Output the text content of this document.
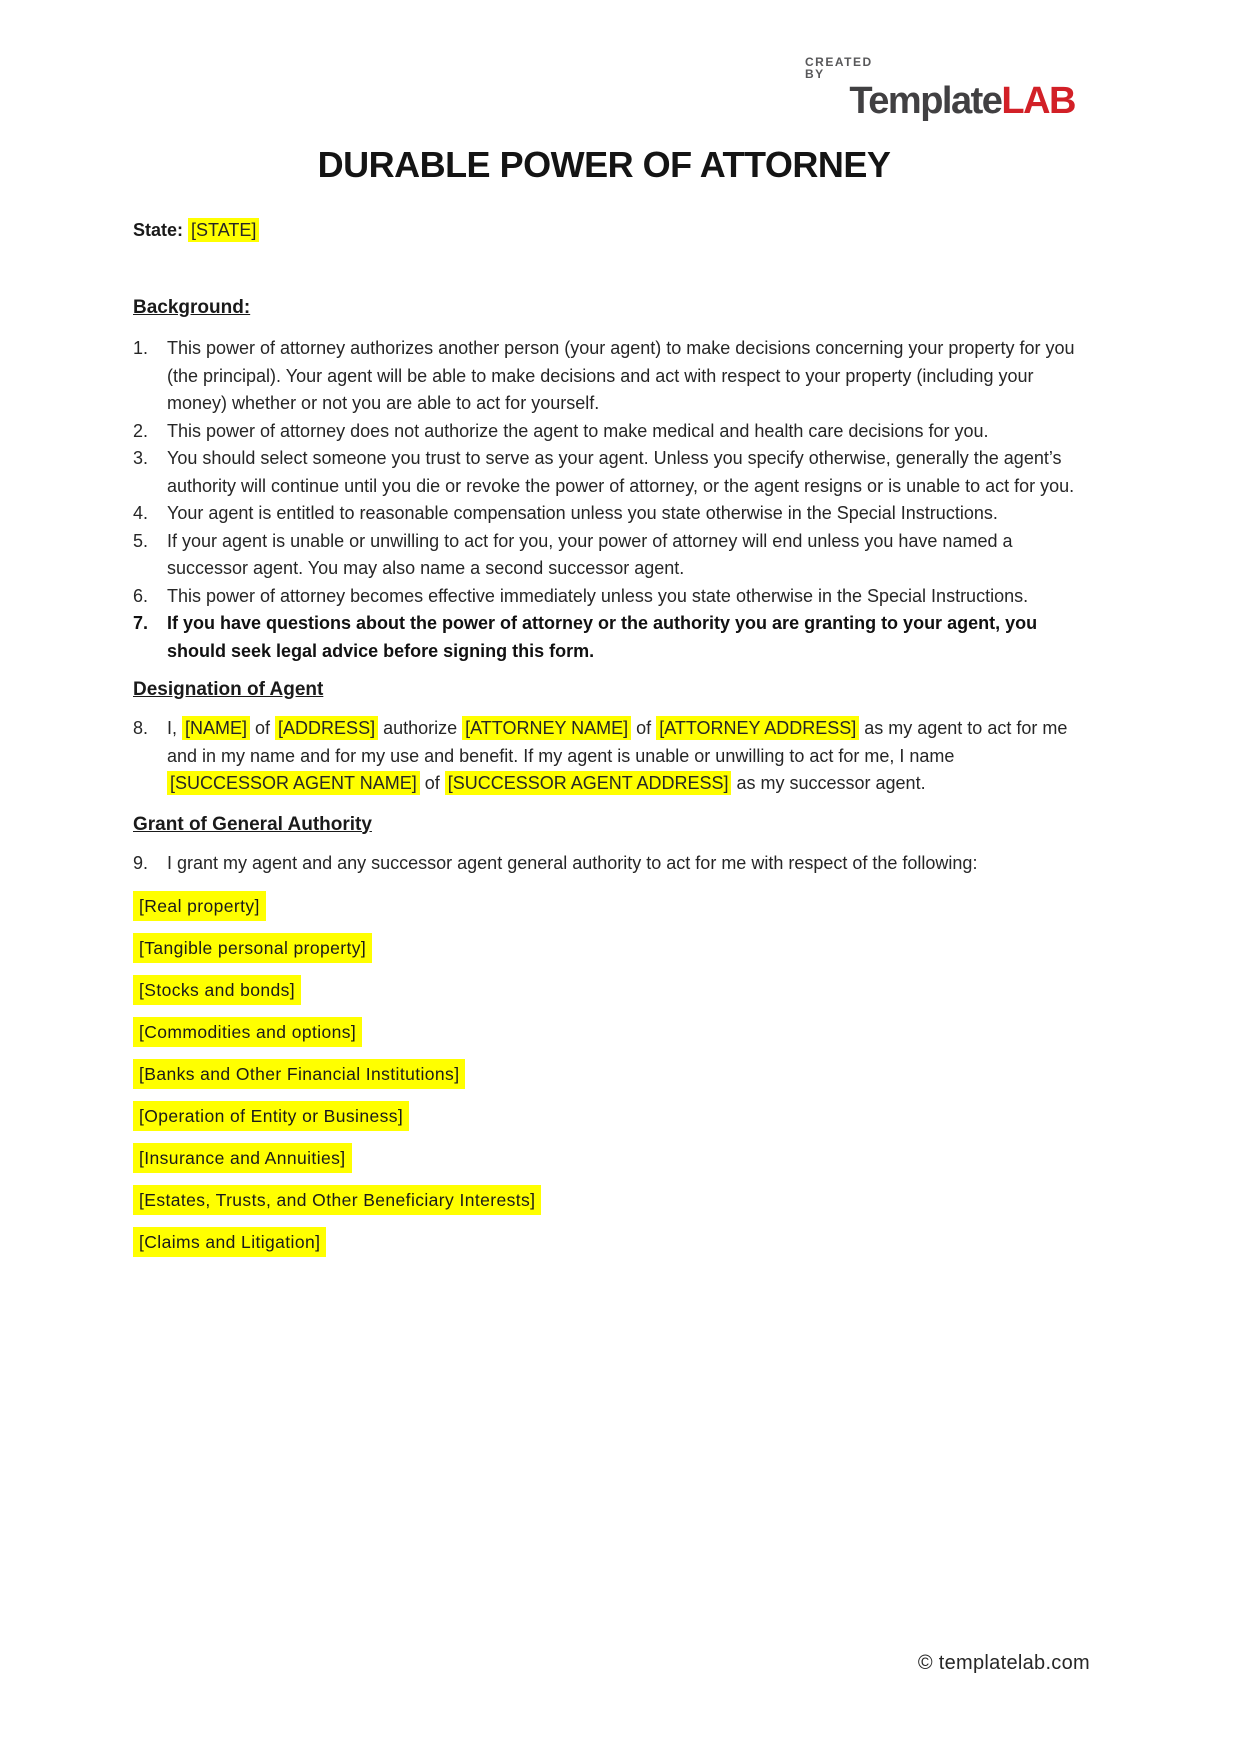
CREATED BY
TemplateLAB
DURABLE POWER OF ATTORNEY
State: [STATE]
Background:
1.	This power of attorney authorizes another person (your agent) to make decisions concerning your property for you (the principal). Your agent will be able to make decisions and act with respect to your property (including your money) whether or not you are able to act for yourself.
2.	This power of attorney does not authorize the agent to make medical and health care decisions for you.
3.	You should select someone you trust to serve as your agent. Unless you specify otherwise, generally the agent’s authority will continue until you die or revoke the power of attorney, or the agent resigns or is unable to act for you.
4.	Your agent is entitled to reasonable compensation unless you state otherwise in the Special Instructions.
5.	If your agent is unable or unwilling to act for you, your power of attorney will end unless you have named a successor agent. You may also name a second successor agent.
6.	This power of attorney becomes effective immediately unless you state otherwise in the Special Instructions.
7.	If you have questions about the power of attorney or the authority you are granting to your agent, you should seek legal advice before signing this form.
Designation of Agent
8.	I, [NAME] of [ADDRESS] authorize [ATTORNEY NAME] of [ATTORNEY ADDRESS] as my agent to act for me and in my name and for my use and benefit. If my agent is unable or unwilling to act for me, I name [SUCCESSOR AGENT NAME] of [SUCCESSOR AGENT ADDRESS] as my successor agent.
Grant of General Authority
9.	I grant my agent and any successor agent general authority to act for me with respect of the following:
[Real property]
[Tangible personal property]
[Stocks and bonds]
[Commodities and options]
[Banks and Other Financial Institutions]
[Operation of Entity or Business]
[Insurance and Annuities]
[Estates, Trusts, and Other Beneficiary Interests]
[Claims and Litigation]
© templatelab.com
